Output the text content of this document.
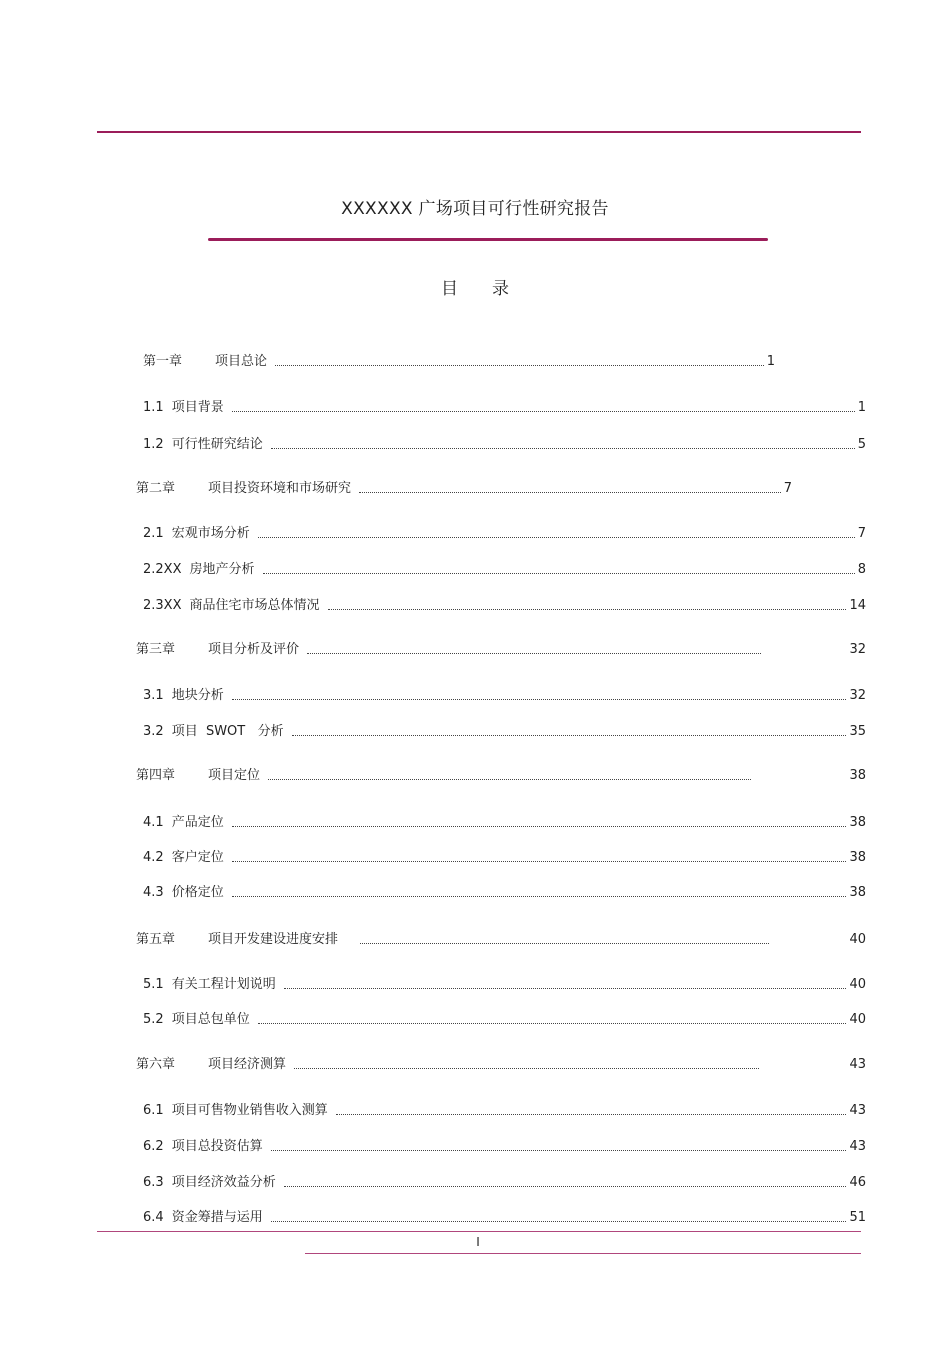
XXXXXX 广场项目可行性研究报告
目录
第一章	项目总论	1
1.1 项目背景	1
1.2 可行性研究结论	5
第二章	项目投资环境和市场研究	7
2.1 宏观市场分析	7
2.2XX 房地产分析	8
2.3XX 商品住宅市场总体情况	14
第三章	项目分析及评价	32
3.1 地块分析	32
3.2 项目  SWOT   分析	35
第四章	项目定位	38
4.1 产品定位	38
4.2 客户定位	38
4.3 价格定位	38
第五章	项目开发建设进度安排	40
5.1 有关工程计划说明	40
5.2 项目总包单位	40
第六章	项目经济测算	43
6.1 项目可售物业销售收入测算	43
6.2 项目总投资估算	43
6.3 项目经济效益分析	46
6.4 资金筹措与运用	51
I
